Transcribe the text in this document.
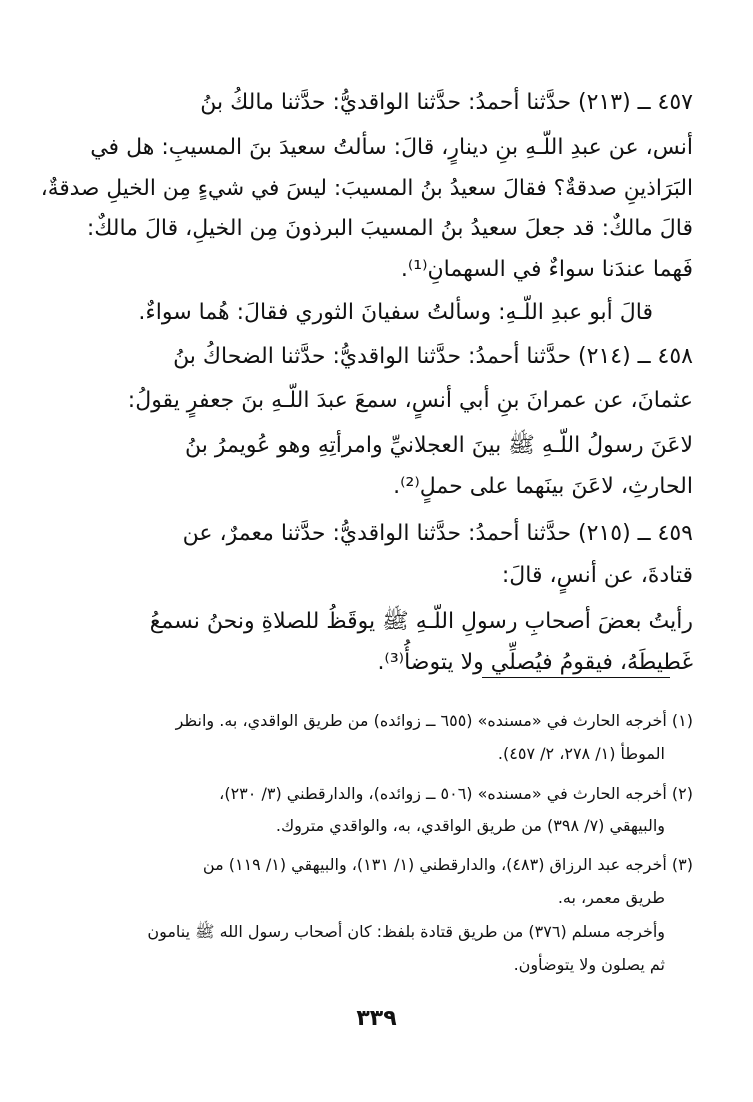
٤٥٧ ــ (٢١٣) حدَّثنا أحمدُ: حدَّثنا الواقديُّ: حدَّثنا مالكُ بنُ
أنس، عن عبدِ اللّـهِ بنِ دينارٍ، قالَ: سألتُ سعيدَ بنَ المسيبِ: هل في
البَرَاذينِ صدقةٌ؟ فقالَ سعيدُ بنُ المسيبَ: ليسَ في شيءٍ مِن الخيلِ صدقةٌ،
قالَ مالكٌ: قد جعلَ سعيدُ بنُ المسيبَ البرذونَ مِن الخيلِ، قالَ مالكٌ:
فَهما عندَنا سواءٌ في السهمانِ⁽¹⁾.
قالَ أبو عبدِ اللّـهِ: وسألتُ سفيانَ الثوري فقالَ: هُما سواءٌ.
٤٥٨ ــ (٢١٤) حدَّثنا أحمدُ: حدَّثنا الواقديُّ: حدَّثنا الضحاكُ بنُ
عثمانَ، عن عمرانَ بنِ أبي أنسٍ، سمعَ عبدَ اللّـهِ بنَ جعفرٍ يقولُ:
لاعَنَ رسولُ اللّـهِ ﷺ بينَ العجلانيِّ وامرأتِهِ وهو عُويمرُ بنُ
الحارثِ، لاعَنَ بينَهما على حملٍ⁽²⁾.
٤٥٩ ــ (٢١٥) حدَّثنا أحمدُ: حدَّثنا الواقديُّ: حدَّثنا معمرٌ، عن
قتادةَ، عن أنسٍ، قالَ:
رأيتُ بعضَ أصحابِ رسولِ اللّـهِ ﷺ يوقَظُ للصلاةِ ونحنُ نسمعُ
غَطيطَهُ، فيقومُ فيُصلِّي ولا يتوضأُ⁽³⁾.
(١) أخرجه الحارث في «مسنده» (٦٥٥ ــ زوائده) من طريق الواقدي، به. وانظر
الموطأ (١/ ٢٧٨، ٢/ ٤٥٧).
(٢) أخرجه الحارث في «مسنده» (٥٠٦ ــ زوائده)، والدارقطني (٣/ ٢٣٠)،
والبيهقي (٧/ ٣٩٨) من طريق الواقدي، به، والواقدي متروك.
(٣) أخرجه عبد الرزاق (٤٨٣)، والدارقطني (١/ ١٣١)، والبيهقي (١/ ١١٩) من
طريق معمر، به.
وأخرجه مسلم (٣٧٦) من طريق قتادة بلفظ: كان أصحاب رسول الله ﷺ ينامون
ثم يصلون ولا يتوضأون.
٣٣٩
